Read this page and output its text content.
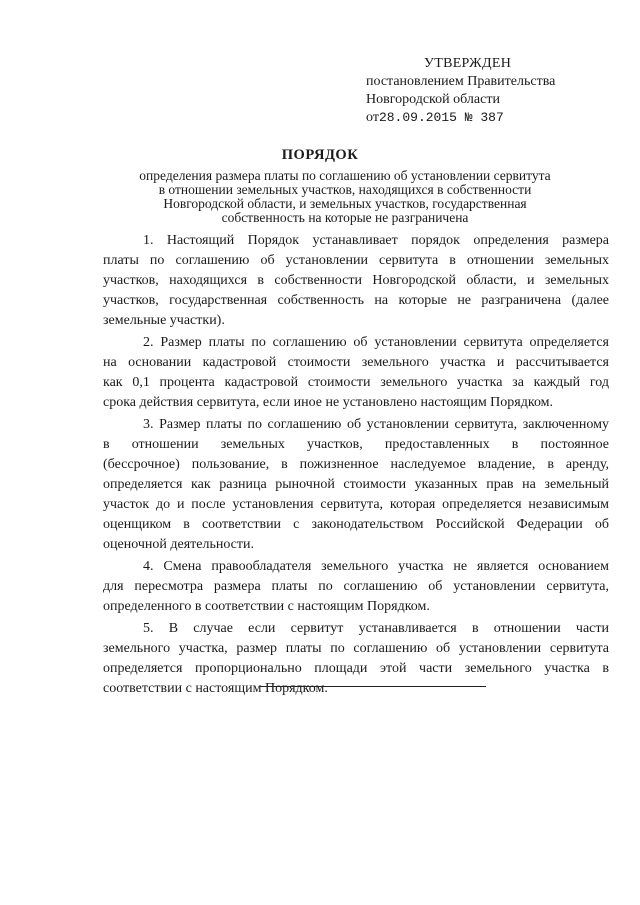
УТВЕРЖДЕН
постановлением Правительства
Новгородской области
от28.09.2015 № 387
ПОРЯДОК
определения размера платы по соглашению об установлении сервитута
в отношении земельных участков, находящихся в собственности
Новгородской области, и земельных участков, государственная
собственность на которые не разграничена
1. Настоящий Порядок устанавливает порядок определения размера
платы по соглашению об установлении сервитута в отношении земельных
участков, находящихся в собственности Новгородской области, и земельных
участков, государственная собственность на которые не разграничена (далее
земельные участки).
2. Размер платы по соглашению об установлении сервитута определяется
на основании кадастровой стоимости земельного участка и рассчитывается
как 0,1 процента кадастровой стоимости земельного участка за каждый год
срока действия сервитута, если иное не установлено настоящим Порядком.
3. Размер платы по соглашению об установлении сервитута, заключенному
в отношении земельных участков, предоставленных в постоянное
(бессрочное) пользование, в пожизненное наследуемое владение, в аренду,
определяется как разница рыночной стоимости указанных прав на земельный
участок до и после установления сервитута, которая определяется независимым
оценщиком в соответствии с законодательством Российской Федерации об
оценочной деятельности.
4. Смена правообладателя земельного участка не является основанием
для пересмотра размера платы по соглашению об установлении сервитута,
определенного в соответствии с настоящим Порядком.
5. В случае если сервитут устанавливается в отношении части
земельного участка, размер платы по соглашению об установлении сервитута
определяется пропорционально площади этой части земельного участка в
соответствии с настоящим Порядком.
